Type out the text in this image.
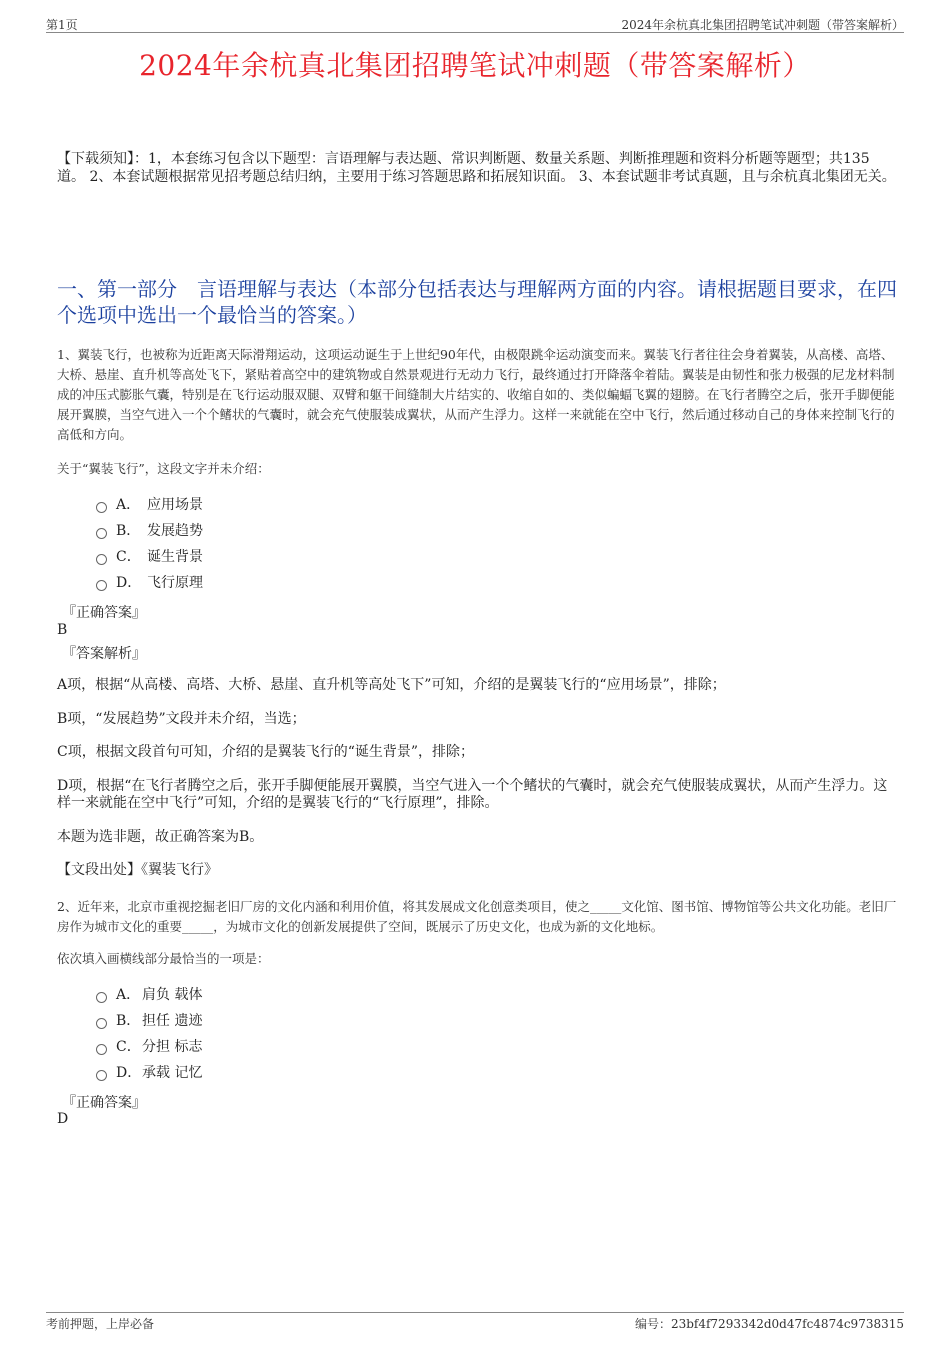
第1页	2024年余杭真北集团招聘笔试冲刺题（带答案解析）
2024年余杭真北集团招聘笔试冲刺题（带答案解析）
【下载须知】：1，本套练习包含以下题型：言语理解与表达题、常识判断题、数量关系题、判断推理题和资料分析题等题型；共135道。 2、本套试题根据常见招考题总结归纳，主要用于练习答题思路和拓展知识面。 3、本套试题非考试真题，且与余杭真北集团无关。
一、第一部分　言语理解与表达（本部分包括表达与理解两方面的内容。请根据题目要求，在四个选项中选出一个最恰当的答案。）
1、翼装飞行，也被称为近距离天际滑翔运动，这项运动诞生于上世纪90年代，由极限跳伞运动演变而来。翼装飞行者往往会身着翼装，从高楼、高塔、大桥、悬崖、直升机等高处飞下，紧贴着高空中的建筑物或自然景观进行无动力飞行，最终通过打开降落伞着陆。翼装是由韧性和张力极强的尼龙材料制成的冲压式膨胀气囊，特别是在飞行运动服双腿、双臂和躯干间缝制大片结实的、收缩自如的、类似蝙蝠飞翼的翅膀。在飞行者腾空之后，张开手脚便能展开翼膜，当空气进入一个个鳍状的气囊时，就会充气使服装成翼状，从而产生浮力。这样一来就能在空中飞行，然后通过移动自己的身体来控制飞行的高低和方向。
关于“翼装飞行”，这段文字并未介绍：
A． 应用场景
B． 发展趋势
C． 诞生背景
D． 飞行原理
『正确答案』
B
『答案解析』
A项，根据“从高楼、高塔、大桥、悬崖、直升机等高处飞下”可知，介绍的是翼装飞行的“应用场景”，排除；
B项，“发展趋势”文段并未介绍，当选；
C项，根据文段首句可知，介绍的是翼装飞行的“诞生背景”，排除；
D项，根据“在飞行者腾空之后，张开手脚便能展开翼膜，当空气进入一个个鳍状的气囊时，就会充气使服装成翼状，从而产生浮力。这样一来就能在空中飞行”可知，介绍的是翼装飞行的“飞行原理”，排除。
本题为选非题，故正确答案为B。
【文段出处】《翼装飞行》
2、近年来，北京市重视挖掘老旧厂房的文化内涵和利用价值，将其发展成文化创意类项目，使之_____文化馆、图书馆、博物馆等公共文化功能。老旧厂房作为城市文化的重要_____，为城市文化的创新发展提供了空间，既展示了历史文化，也成为新的文化地标。
依次填入画横线部分最恰当的一项是：
A． 肩负 载体
B． 担任 遗迹
C． 分担 标志
D． 承载 记忆
『正确答案』
D
考前押题，上岸必备	编号：23bf4f7293342d0d47fc4874c9738315
